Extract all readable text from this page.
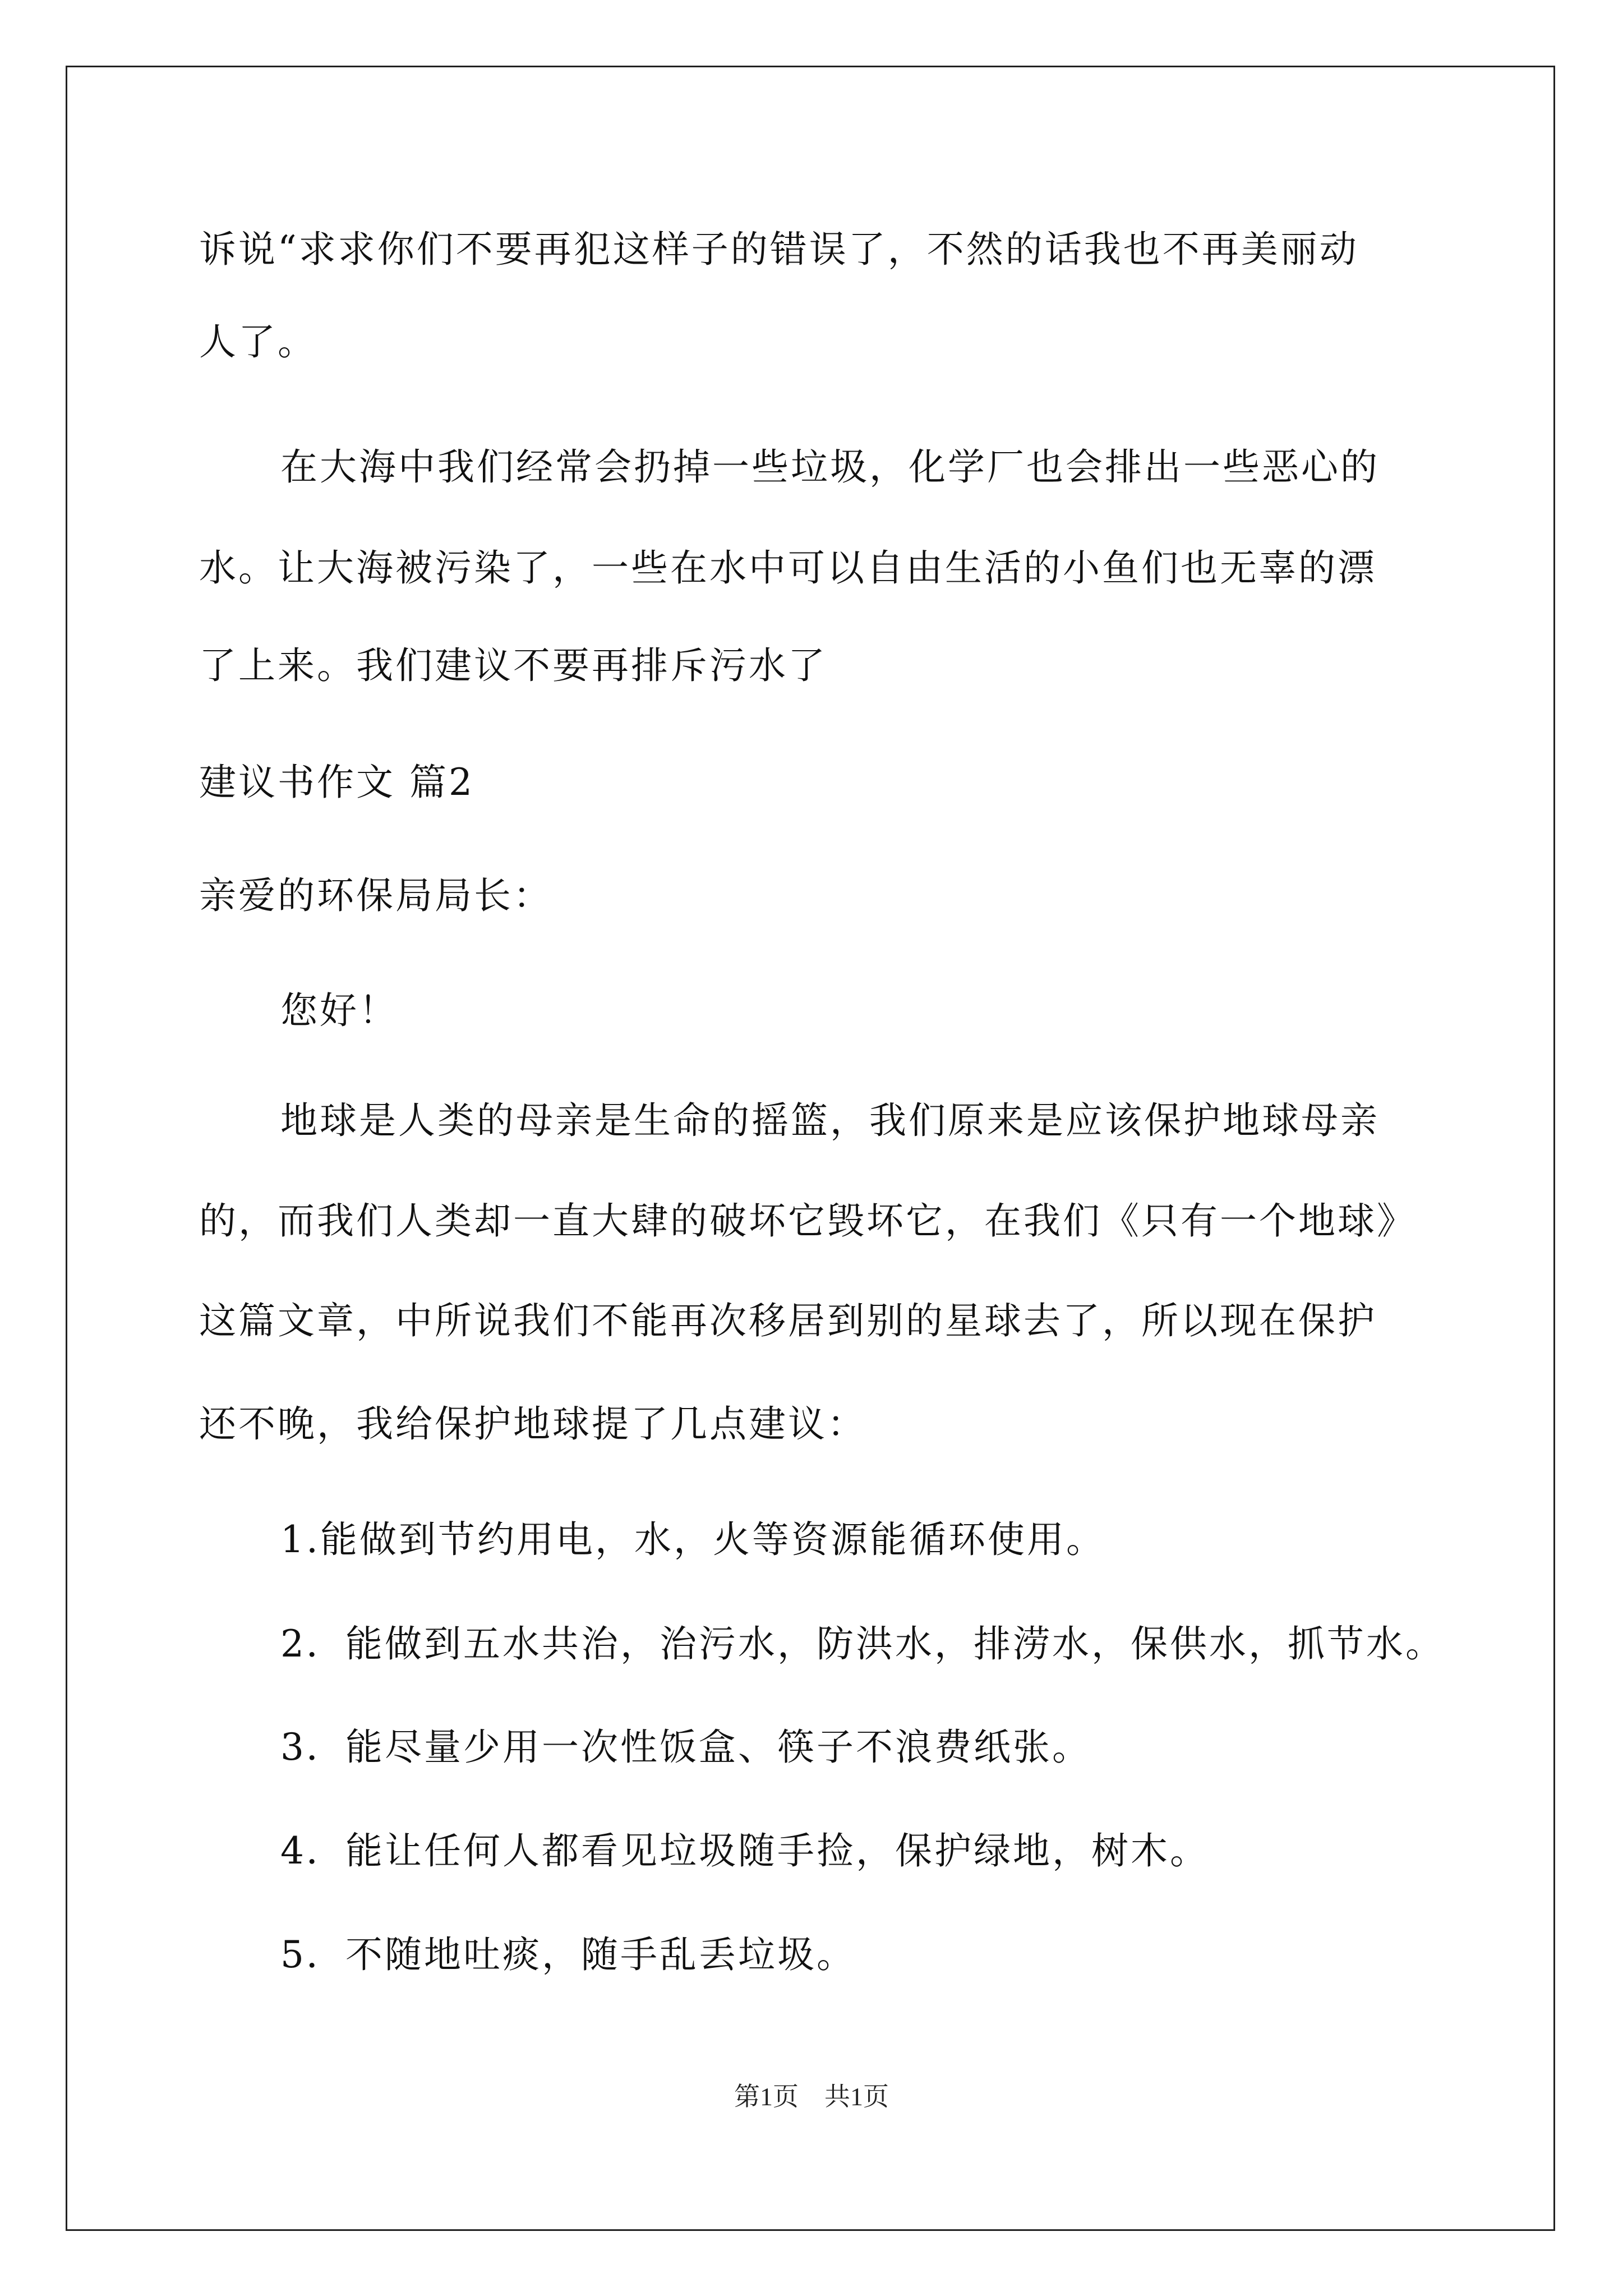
诉说“求求你们不要再犯这样子的错误了，不然的话我也不再美丽动
人了。
在大海中我们经常会扔掉一些垃圾，化学厂也会排出一些恶心的
水。让大海被污染了，一些在水中可以自由生活的小鱼们也无辜的漂
了上来。我们建议不要再排斥污水了
建议书作文 篇2
亲爱的环保局局长：
您好！
地球是人类的母亲是生命的摇篮，我们原来是应该保护地球母亲
的，而我们人类却一直大肆的破坏它毁坏它，在我们《只有一个地球》
这篇文章，中所说我们不能再次移居到别的星球去了，所以现在保护
还不晚，我给保护地球提了几点建议：
1.能做到节约用电，水，火等资源能循环使用。
2．能做到五水共治，治污水，防洪水，排涝水，保供水，抓节水。
3．能尽量少用一次性饭盒、筷子不浪费纸张。
4．能让任何人都看见垃圾随手捡，保护绿地，树木。
5．不随地吐痰，随手乱丢垃圾。
第1页　共1页
